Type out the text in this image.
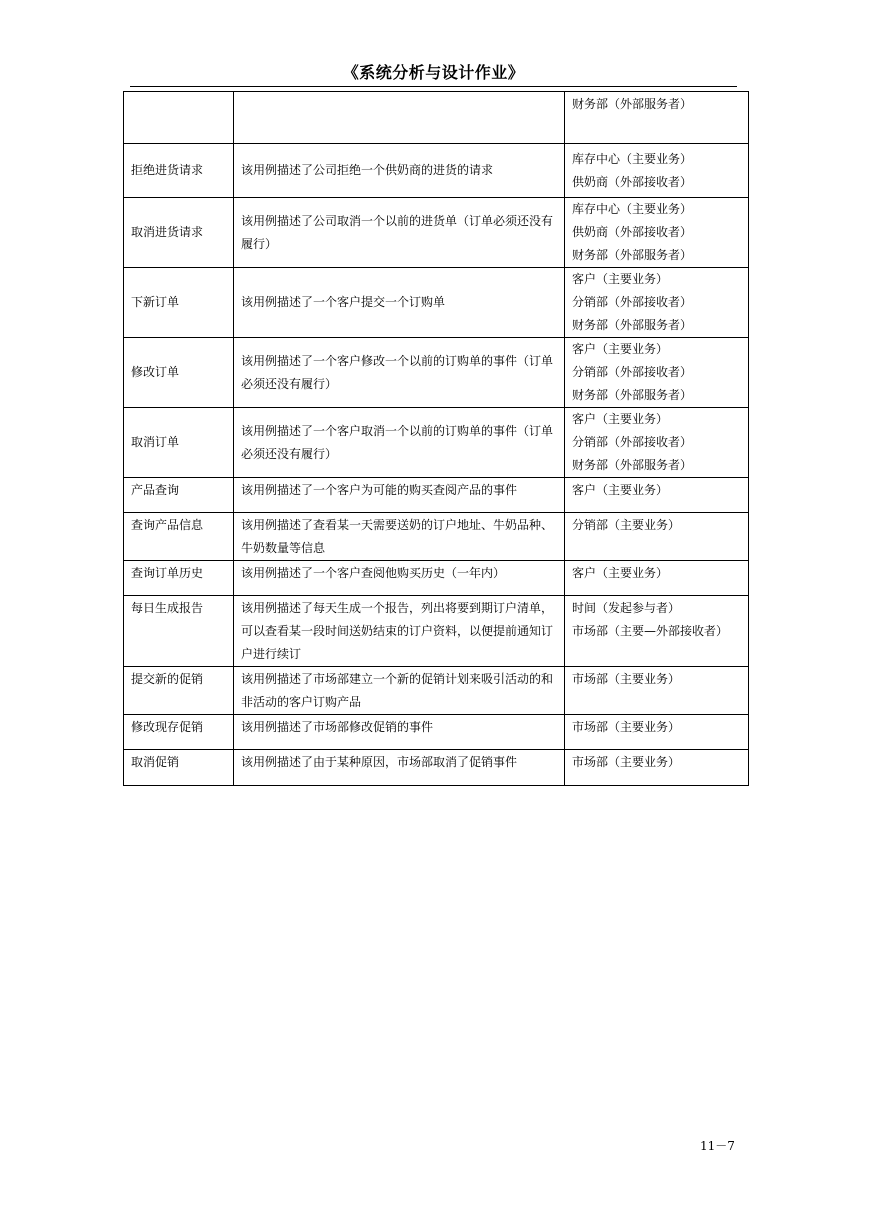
《系统分析与设计作业》

		财务部（外部服务者）

拒绝进货请求	该用例描述了公司拒绝一个供奶商的进货的请求	库存中心（主要业务）
供奶商（外部接收者）

取消进货请求	该用例描述了公司取消一个以前的进货单（订单必须还没有履行）	库存中心（主要业务）
供奶商（外部接收者）
财务部（外部服务者）

下新订单	该用例描述了一个客户提交一个订购单	客户（主要业务）
分销部（外部接收者）
财务部（外部服务者）

修改订单	该用例描述了一个客户修改一个以前的订购单的事件（订单必须还没有履行）	客户（主要业务）
分销部（外部接收者）
财务部（外部服务者）

取消订单	该用例描述了一个客户取消一个以前的订购单的事件（订单必须还没有履行）	客户（主要业务）
分销部（外部接收者）
财务部（外部服务者）

产品查询	该用例描述了一个客户为可能的购买查阅产品的事件	客户（主要业务）

查询产品信息	该用例描述了查看某一天需要送奶的订户地址、牛奶品种、牛奶数量等信息	分销部（主要业务）

查询订单历史	该用例描述了一个客户查阅他购买历史（一年内）	客户（主要业务）

每日生成报告	该用例描述了每天生成一个报告，列出将要到期订户清单，可以查看某一段时间送奶结束的订户资料，以便提前通知订户进行续订	时间（发起参与者）
市场部（主要—外部接收者）

提交新的促销	该用例描述了市场部建立一个新的促销计划来吸引活动的和非活动的客户订购产品	市场部（主要业务）

修改现存促销	该用例描述了市场部修改促销的事件	市场部（主要业务）

取消促销	该用例描述了由于某种原因，市场部取消了促销事件	市场部（主要业务）
11－7
